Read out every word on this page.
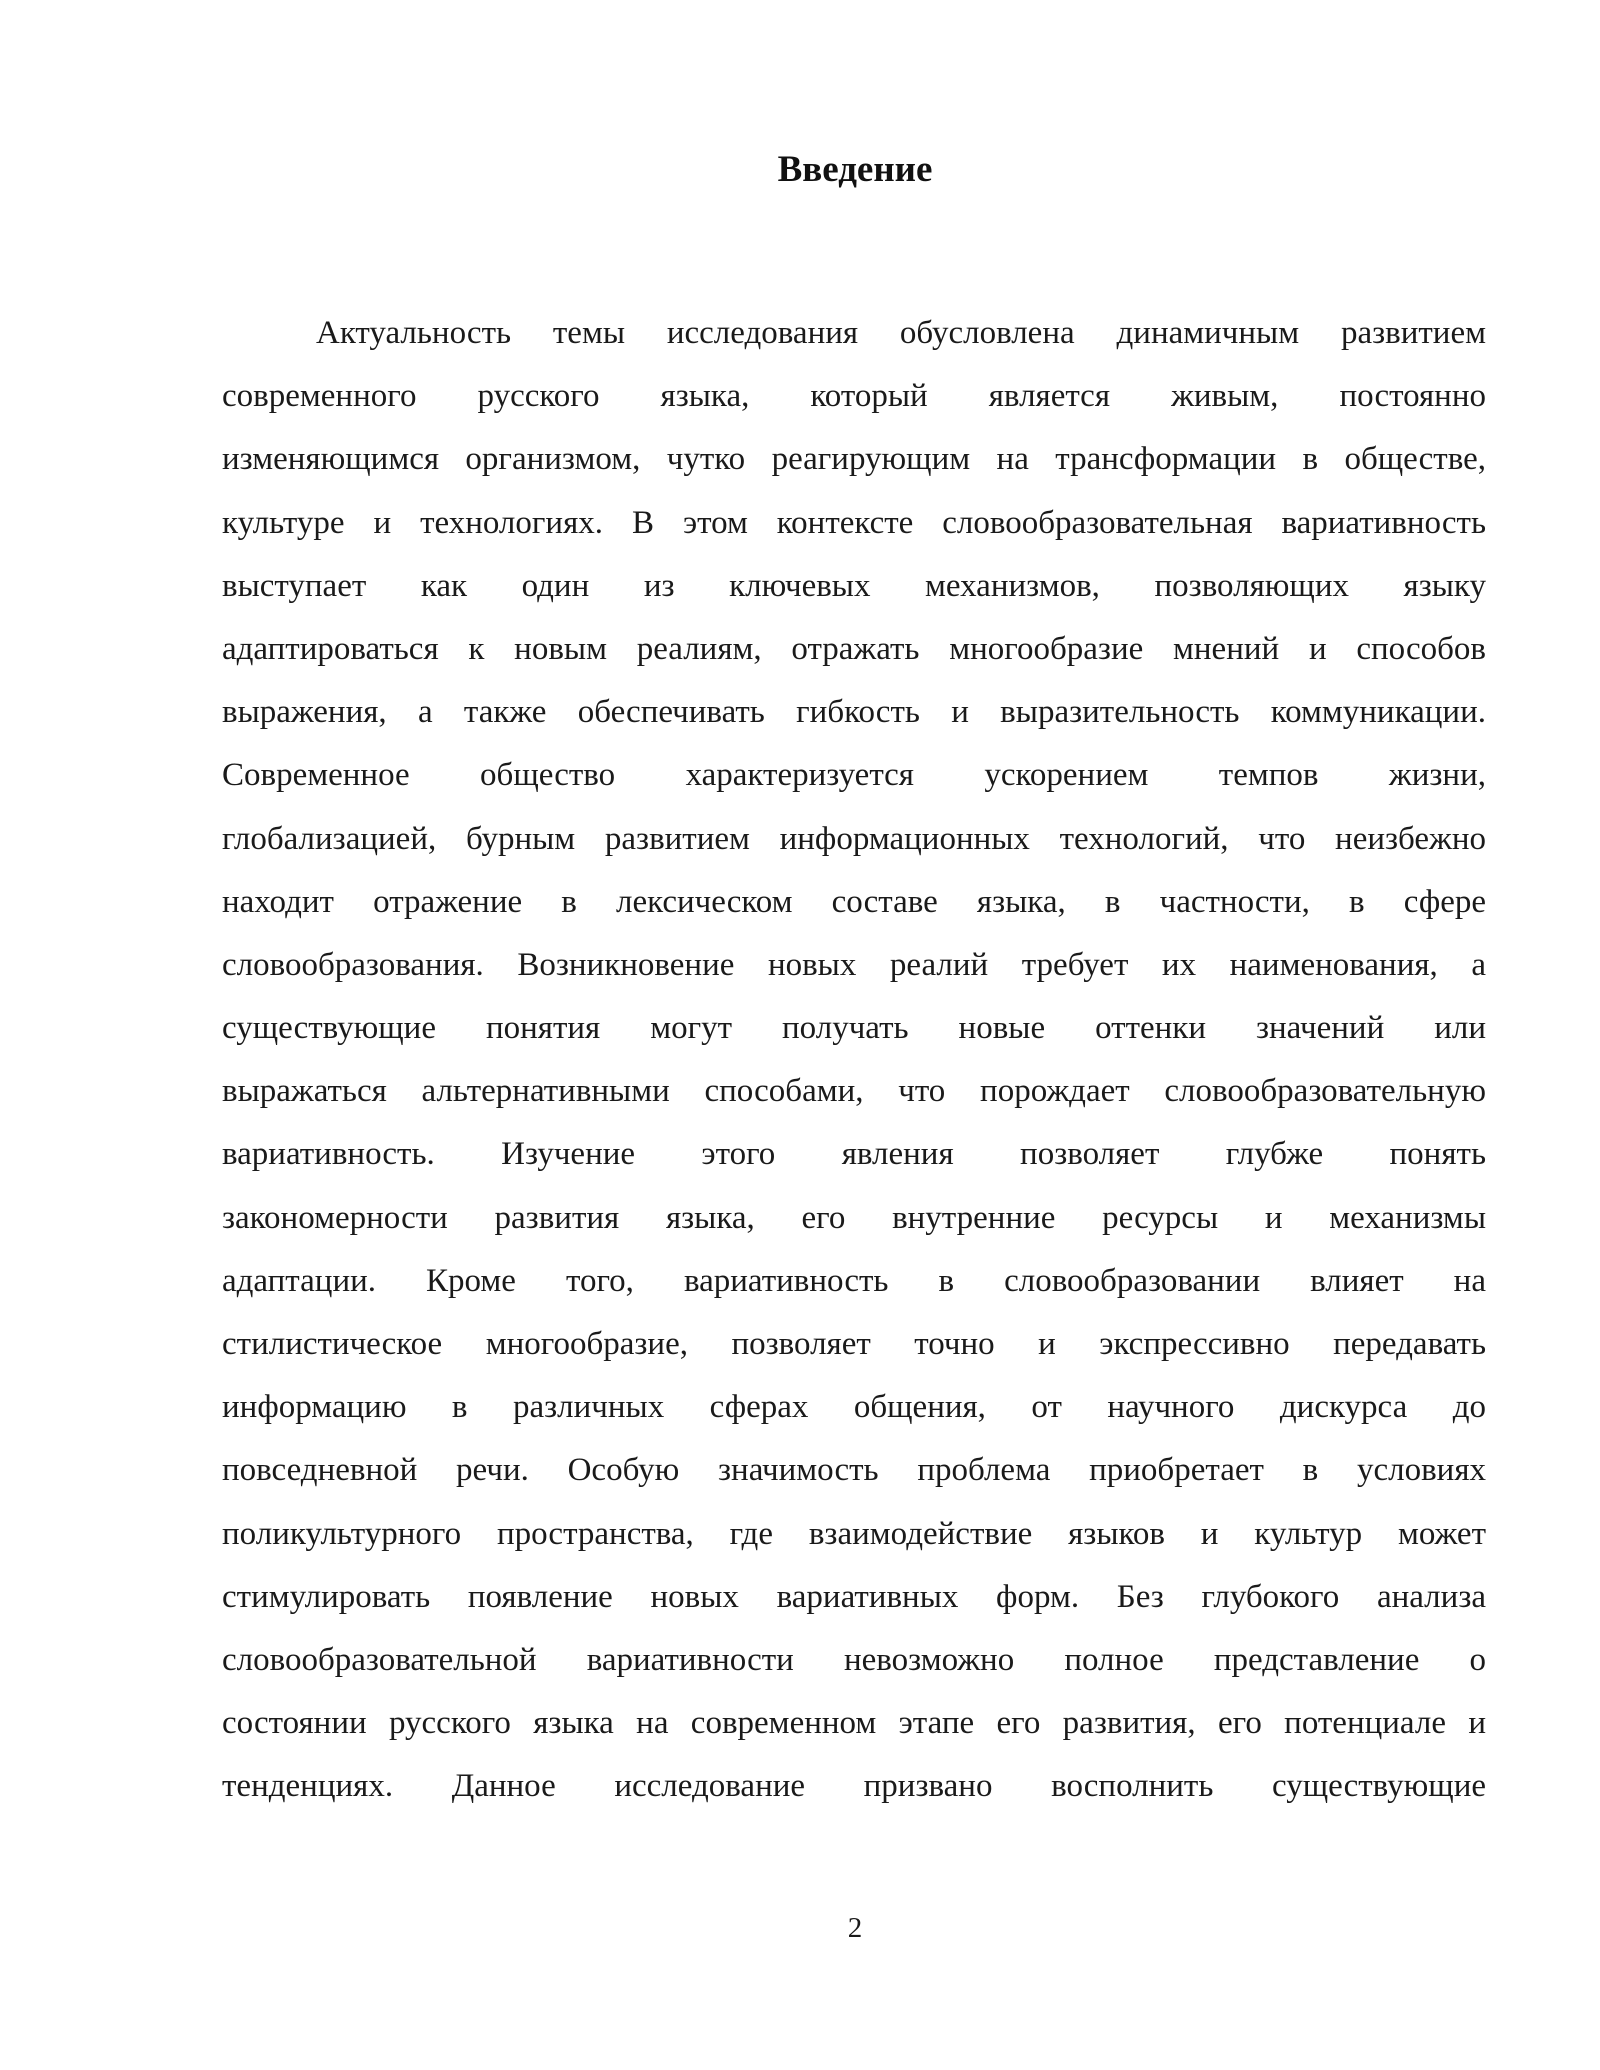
Введение
Актуальность темы исследования обусловлена динамичным развитием
современного русского языка, который является живым, постоянно
изменяющимся организмом, чутко реагирующим на трансформации в обществе,
культуре и технологиях. В этом контексте словообразовательная вариативность
выступает как один из ключевых механизмов, позволяющих языку
адаптироваться к новым реалиям, отражать многообразие мнений и способов
выражения, а также обеспечивать гибкость и выразительность коммуникации.
Современное общество характеризуется ускорением темпов жизни,
глобализацией, бурным развитием информационных технологий, что неизбежно
находит отражение в лексическом составе языка, в частности, в сфере
словообразования. Возникновение новых реалий требует их наименования, а
существующие понятия могут получать новые оттенки значений или
выражаться альтернативными способами, что порождает словообразовательную
вариативность. Изучение этого явления позволяет глубже понять
закономерности развития языка, его внутренние ресурсы и механизмы
адаптации. Кроме того, вариативность в словообразовании влияет на
стилистическое многообразие, позволяет точно и экспрессивно передавать
информацию в различных сферах общения, от научного дискурса до
повседневной речи. Особую значимость проблема приобретает в условиях
поликультурного пространства, где взаимодействие языков и культур может
стимулировать появление новых вариативных форм. Без глубокого анализа
словообразовательной вариативности невозможно полное представление о
состоянии русского языка на современном этапе его развития, его потенциале и
тенденциях. Данное исследование призвано восполнить существующие
2
